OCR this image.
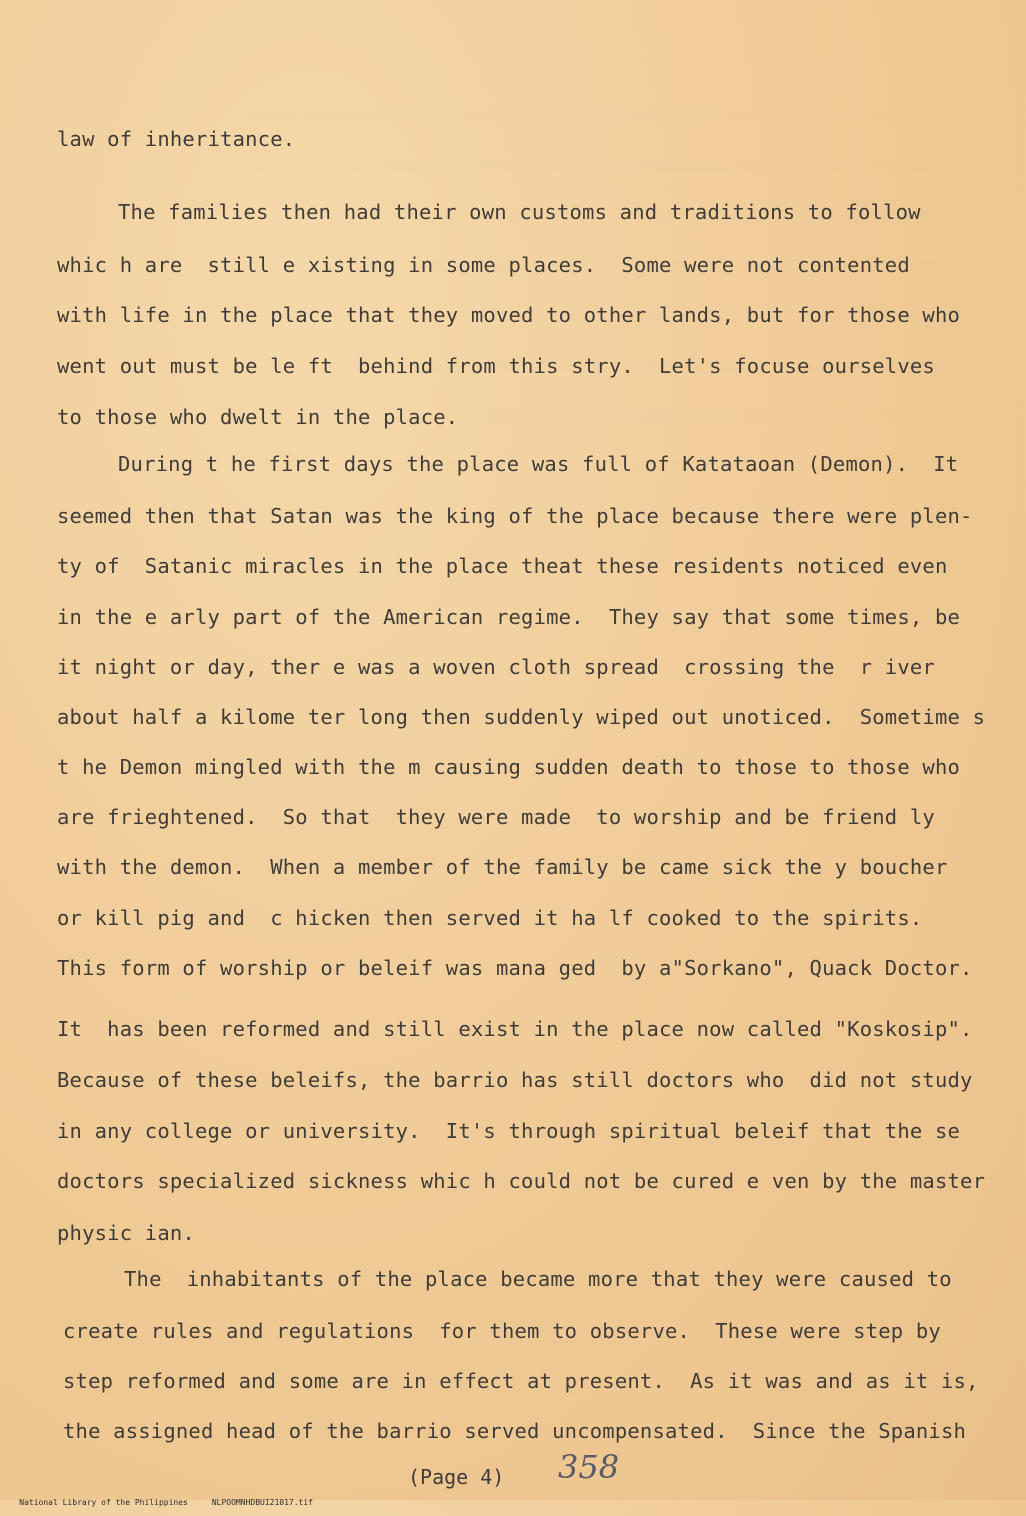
law of inheritance.
The families then had their own customs and traditions to follow
whic h are  still e xisting in some places.  Some were not contented
with life in the place that they moved to other lands, but for those who
went out must be le ft  behind from this stry.  Let's focuse ourselves
to those who dwelt in the place.
During t he first days the place was full of Katataoan (Demon).  It
seemed then that Satan was the king of the place because there were plen-
ty of  Satanic miracles in the place theat these residents noticed even
in the e arly part of the American regime.  They say that some times, be
it night or day, ther e was a woven cloth spread  crossing the  r iver
about half a kilome ter long then suddenly wiped out unoticed.  Sometime s
t he Demon mingled with the m causing sudden death to those to those who
are frieghtened.  So that  they were made  to worship and be friend ly
with the demon.  When a member of the family be came sick the y boucher
or kill pig and  c hicken then served it ha lf cooked to the spirits.
This form of worship or beleif was mana ged  by a"Sorkano", Quack Doctor.
It  has been reformed and still exist in the place now called "Koskosip".
Because of these beleifs, the barrio has still doctors who  did not study
in any college or university.  It's through spiritual beleif that the se
doctors specialized sickness whic h could not be cured e ven by the master
physic ian.
The  inhabitants of the place became more that they were caused to
create rules and regulations  for them to observe.  These were step by
step reformed and some are in effect at present.  As it was and as it is,
the assigned head of the barrio served uncompensated.  Since the Spanish
(Page 4) 358

National Library of the Philippines	NLPOOMNHDBUI21017.tif
